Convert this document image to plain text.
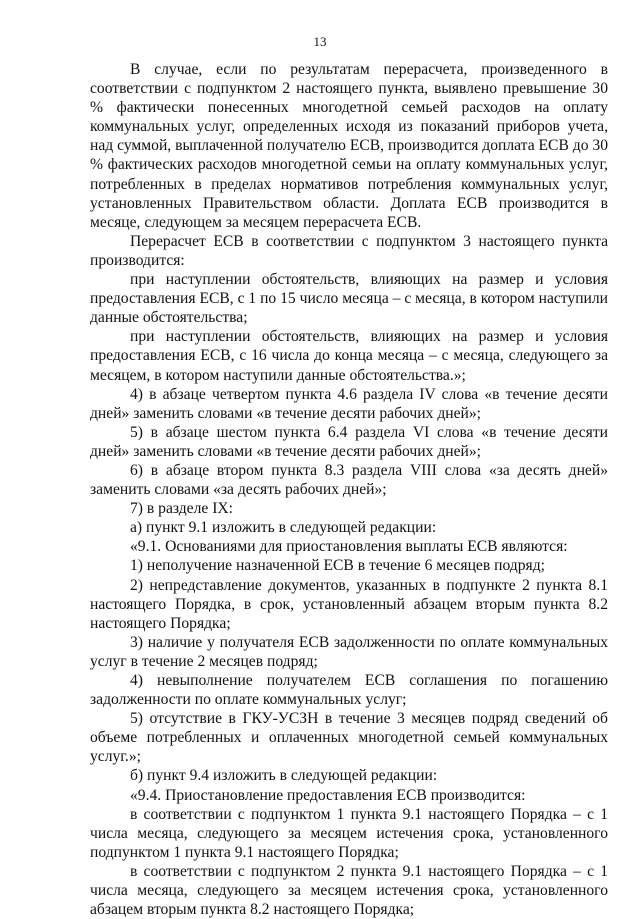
13

В случае, если по результатам перерасчета, произведенного в соответствии с подпунктом 2 настоящего пункта, выявлено превышение 30 % фактически понесенных многодетной семьей расходов на оплату коммунальных услуг, определенных исходя из показаний приборов учета, над суммой, выплаченной получателю ЕСВ, производится доплата ЕСВ до 30 % фактических расходов многодетной семьи на оплату коммунальных услуг, потребленных в пределах нормативов потребления коммунальных услуг, установленных Правительством области. Доплата ЕСВ производится в месяце, следующем за месяцем перерасчета ЕСВ.

Перерасчет ЕСВ в соответствии с подпунктом 3 настоящего пункта производится:

при наступлении обстоятельств, влияющих на размер и условия предоставления ЕСВ, с 1 по 15 число месяца – с месяца, в котором наступили данные обстоятельства;

при наступлении обстоятельств, влияющих на размер и условия предоставления ЕСВ, с 16 числа до конца месяца – с месяца, следующего за месяцем, в котором наступили данные обстоятельства.»;

4) в абзаце четвертом пункта 4.6 раздела IV слова «в течение десяти дней» заменить словами «в течение десяти рабочих дней»;

5) в абзаце шестом пункта 6.4 раздела VI слова «в течение десяти дней» заменить словами «в течение десяти рабочих дней»;

6) в абзаце втором пункта 8.3 раздела VIII слова «за десять дней» заменить словами «за десять рабочих дней»;

7) в разделе IX:

а) пункт 9.1 изложить в следующей редакции:

«9.1. Основаниями для приостановления выплаты ЕСВ являются:

1) неполучение назначенной ЕСВ в течение 6 месяцев подряд;

2) непредставление документов, указанных в подпункте 2 пункта 8.1 настоящего Порядка, в срок, установленный абзацем вторым пункта 8.2 настоящего Порядка;

3) наличие у получателя ЕСВ задолженности по оплате коммунальных услуг в течение 2 месяцев подряд;

4) невыполнение получателем ЕСВ соглашения по погашению задолженности по оплате коммунальных услуг;

5) отсутствие в ГКУ-УСЗН в течение 3 месяцев подряд сведений об объеме потребленных и оплаченных многодетной семьей коммунальных услуг.»;

б) пункт 9.4 изложить в следующей редакции:

«9.4. Приостановление предоставления ЕСВ производится:

в соответствии с подпунктом 1 пункта 9.1 настоящего Порядка – с 1 числа месяца, следующего за месяцем истечения срока, установленного подпунктом 1 пункта 9.1 настоящего Порядка;

в соответствии с подпунктом 2 пункта 9.1 настоящего Порядка – с 1 числа месяца, следующего за месяцем истечения срока, установленного абзацем вторым пункта 8.2 настоящего Порядка;
